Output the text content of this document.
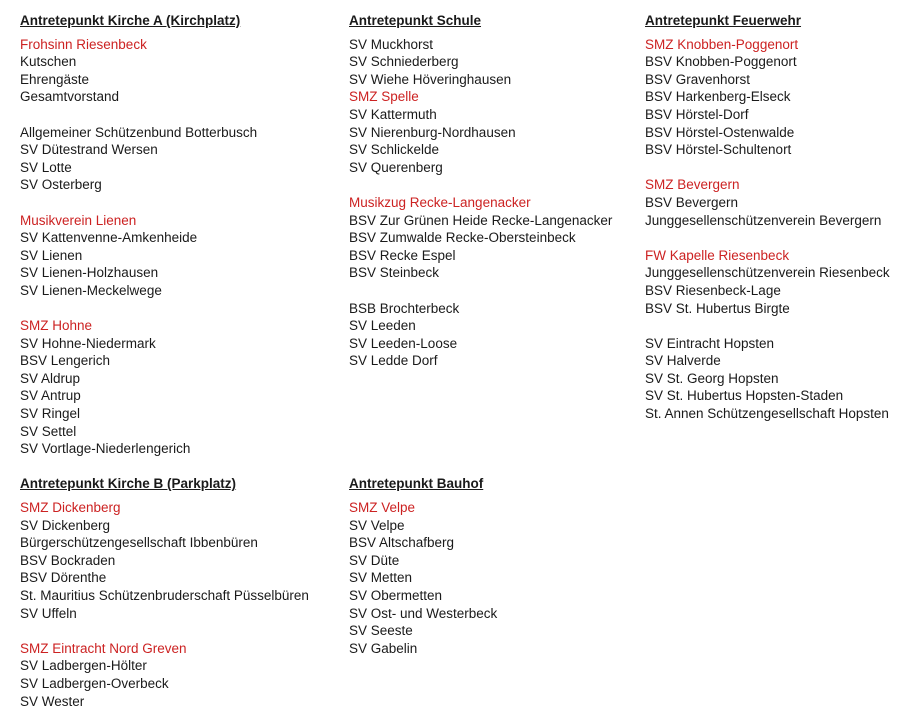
Antretepunkt Kirche A (Kirchplatz)
Frohsinn Riesenbeck
Kutschen
Ehrengäste
Gesamtvorstand
Allgemeiner Schützenbund Botterbusch
SV Dütestrand Wersen
SV Lotte
SV Osterberg
Musikverein Lienen
SV Kattenvenne-Amkenheide
SV Lienen
SV Lienen-Holzhausen
SV Lienen-Meckelwege
SMZ Hohne
SV Hohne-Niedermark
BSV Lengerich
SV Aldrup
SV Antrup
SV Ringel
SV Settel
SV Vortlage-Niederlengerich
Antretepunkt Kirche B (Parkplatz)
SMZ Dickenberg
SV Dickenberg
Bürgerschützengesellschaft Ibbenbüren
BSV Bockraden
BSV Dörenthe
St. Mauritius Schützenbruderschaft Püsselbüren
SV Uffeln
SMZ Eintracht Nord Greven
SV Ladbergen-Hölter
SV Ladbergen-Overbeck
SV Wester
Antretepunkt Schule
SV Muckhorst
SV Schniederberg
SV Wiehe Höveringhausen
SMZ Spelle
SV Kattermuth
SV Nierenburg-Nordhausen
SV Schlickelde
SV Querenberg
Musikzug Recke-Langenacker
BSV Zur Grünen Heide Recke-Langenacker
BSV Zumwalde Recke-Obersteinbeck
BSV Recke Espel
BSV Steinbeck
BSB Brochterbeck
SV Leeden
SV Leeden-Loose
SV Ledde Dorf
Antretepunkt Bauhof
SMZ Velpe
SV Velpe
BSV Altschafberg
SV Düte
SV Metten
SV Obermetten
SV Ost- und Westerbeck
SV Seeste
SV Gabelin
Antretepunkt Feuerwehr
SMZ Knobben-Poggenort
BSV Knobben-Poggenort
BSV Gravenhorst
BSV Harkenberg-Elseck
BSV Hörstel-Dorf
BSV Hörstel-Ostenwalde
BSV Hörstel-Schultenort
SMZ Bevergern
BSV Bevergern
Junggesellenschützenverein Bevergern
FW Kapelle Riesenbeck
Junggesellenschützenverein Riesenbeck
BSV Riesenbeck-Lage
BSV St. Hubertus Birgte
SV Eintracht Hopsten
SV Halverde
SV St. Georg Hopsten
SV St. Hubertus Hopsten-Staden
St. Annen Schützengesellschaft Hopsten
